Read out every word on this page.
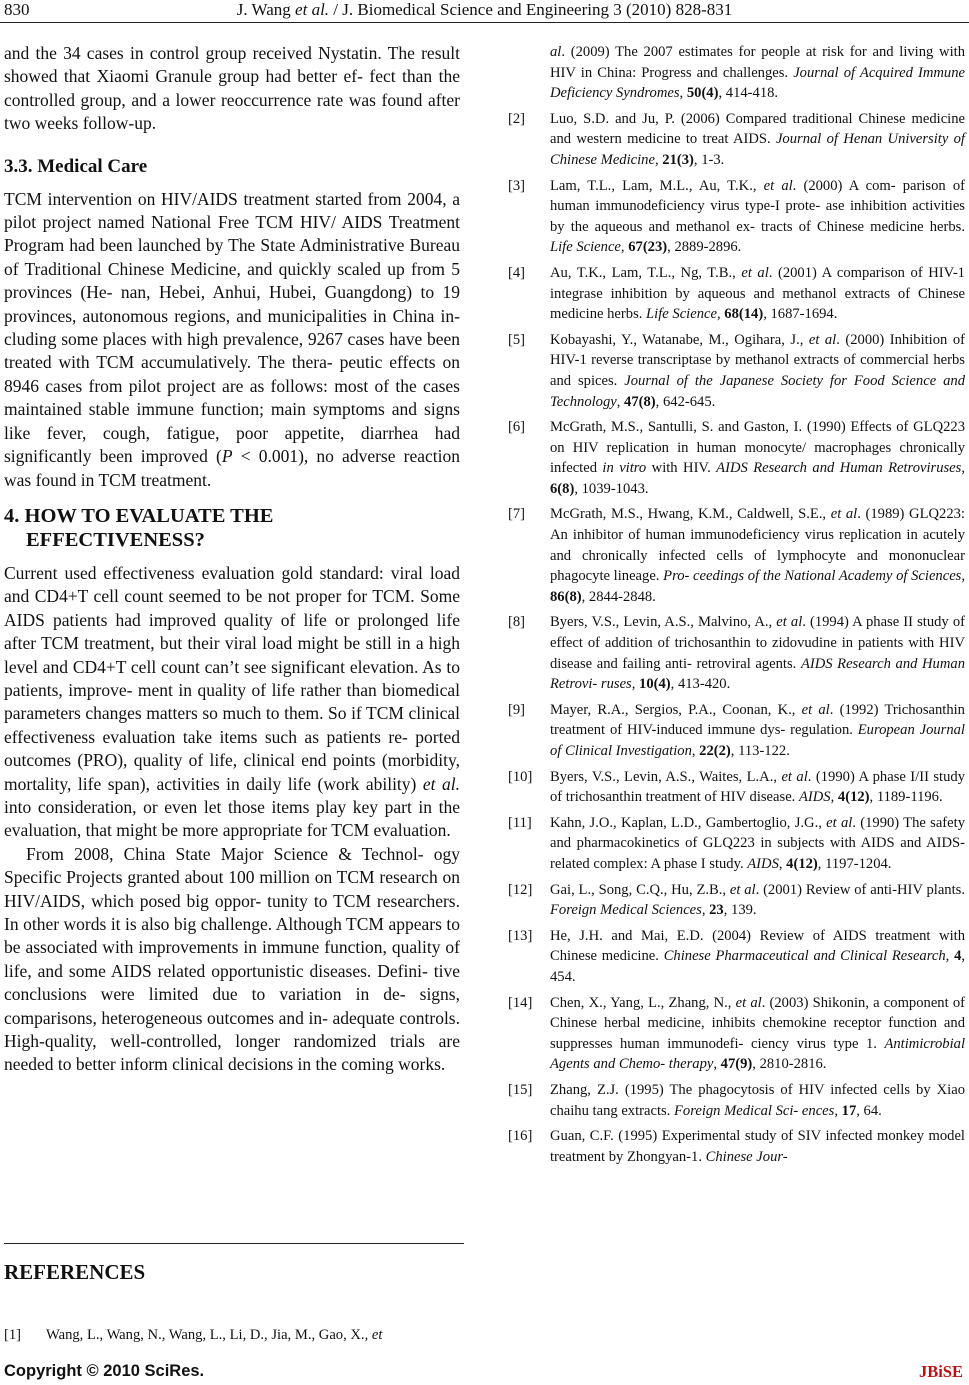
830	J. Wang et al. / J. Biomedical Science and Engineering 3 (2010) 828-831

and the 34 cases in control group received Nystatin. The result showed that Xiaomi Granule group had better ef- fect than the controlled group, and a lower reoccurrence rate was found after two weeks follow-up.

3.3. Medical Care

TCM intervention on HIV/AIDS treatment started from 2004, a pilot project named National Free TCM HIV/ AIDS Treatment Program had been launched by The State Administrative Bureau of Traditional Chinese Medicine, and quickly scaled up from 5 provinces (He- nan, Hebei, Anhui, Hubei, Guangdong) to 19 provinces, autonomous regions, and municipalities in China in- cluding some places with high prevalence, 9267 cases have been treated with TCM accumulatively. The thera- peutic effects on 8946 cases from pilot project are as follows: most of the cases maintained stable immune function; main symptoms and signs like fever, cough, fatigue, poor appetite, diarrhea had significantly been improved (P < 0.001), no adverse reaction was found in TCM treatment.

4. HOW TO EVALUATE THE
EFFECTIVENESS?

Current used effectiveness evaluation gold standard: viral load and CD4+T cell count seemed to be not proper for TCM. Some AIDS patients had improved quality of life or prolonged life after TCM treatment, but their viral load might be still in a high level and CD4+T cell count can’t see significant elevation. As to patients, improve- ment in quality of life rather than biomedical parameters changes matters so much to them. So if TCM clinical effectiveness evaluation take items such as patients re- ported outcomes (PRO), quality of life, clinical end points (morbidity, mortality, life span), activities in daily life (work ability) et al. into consideration, or even let those items play key part in the evaluation, that might be more appropriate for TCM evaluation.

From 2008, China State Major Science & Technol- ogy Specific Projects granted about 100 million on TCM research on HIV/AIDS, which posed big oppor- tunity to TCM researchers. In other words it is also big challenge. Although TCM appears to be associated with improvements in immune function, quality of life, and some AIDS related opportunistic diseases. Defini- tive conclusions were limited due to variation in de- signs, comparisons, heterogeneous outcomes and in- adequate controls. High-quality, well-controlled, longer randomized trials are needed to better inform clinical decisions in the coming works.

REFERENCES
[1] Wang, L., Wang, N., Wang, L., Li, D., Jia, M., Gao, X., et
al. (2009) The 2007 estimates for people at risk for and living with HIV in China: Progress and challenges. Journal of Acquired Immune Deficiency Syndromes, 50(4), 414-418.
[2] Luo, S.D. and Ju, P. (2006) Compared traditional Chinese medicine and western medicine to treat AIDS. Journal of Henan University of Chinese Medicine, 21(3), 1-3.
[3] Lam, T.L., Lam, M.L., Au, T.K., et al. (2000) A com- parison of human immunodeficiency virus type-I prote- ase inhibition activities by the aqueous and methanol ex- tracts of Chinese medicine herbs. Life Science, 67(23), 2889-2896.
[4] Au, T.K., Lam, T.L., Ng, T.B., et al. (2001) A comparison of HIV-1 integrase inhibition by aqueous and methanol extracts of Chinese medicine herbs. Life Science, 68(14), 1687-1694.
[5] Kobayashi, Y., Watanabe, M., Ogihara, J., et al. (2000) Inhibition of HIV-1 reverse transcriptase by methanol extracts of commercial herbs and spices. Journal of the Japanese Society for Food Science and Technology, 47(8), 642-645.
[6] McGrath, M.S., Santulli, S. and Gaston, I. (1990) Effects of GLQ223 on HIV replication in human monocyte/ macrophages chronically infected in vitro with HIV. AIDS Research and Human Retroviruses, 6(8), 1039-1043.
[7] McGrath, M.S., Hwang, K.M., Caldwell, S.E., et al. (1989) GLQ223: An inhibitor of human immunodeficiency virus replication in acutely and chronically infected cells of lymphocyte and mononuclear phagocyte lineage. Pro- ceedings of the National Academy of Sciences, 86(8), 2844-2848.
[8] Byers, V.S., Levin, A.S., Malvino, A., et al. (1994) A phase II study of effect of addition of trichosanthin to zidovudine in patients with HIV disease and failing anti- retroviral agents. AIDS Research and Human Retrovi- ruses, 10(4), 413-420.
[9] Mayer, R.A., Sergios, P.A., Coonan, K., et al. (1992) Trichosanthin treatment of HIV-induced immune dys- regulation. European Journal of Clinical Investigation, 22(2), 113-122.
[10] Byers, V.S., Levin, A.S., Waites, L.A., et al. (1990) A phase I/II study of trichosanthin treatment of HIV disease. AIDS, 4(12), 1189-1196.
[11] Kahn, J.O., Kaplan, L.D., Gambertoglio, J.G., et al. (1990) The safety and pharmacokinetics of GLQ223 in subjects with AIDS and AIDS-related complex: A phase I study. AIDS, 4(12), 1197-1204.
[12] Gai, L., Song, C.Q., Hu, Z.B., et al. (2001) Review of anti-HIV plants. Foreign Medical Sciences, 23, 139.
[13] He, J.H. and Mai, E.D. (2004) Review of AIDS treatment with Chinese medicine. Chinese Pharmaceutical and Clinical Research, 4, 454.
[14] Chen, X., Yang, L., Zhang, N., et al. (2003) Shikonin, a component of Chinese herbal medicine, inhibits chemokine receptor function and suppresses human immunodefi- ciency virus type 1. Antimicrobial Agents and Chemo- therapy, 47(9), 2810-2816.
[15] Zhang, Z.J. (1995) The phagocytosis of HIV infected cells by Xiao chaihu tang extracts. Foreign Medical Sci- ences, 17, 64.
[16] Guan, C.F. (1995) Experimental study of SIV infected monkey model treatment by Zhongyan-1. Chinese Jour-
Copyright © 2010 SciRes.	JBiSE
